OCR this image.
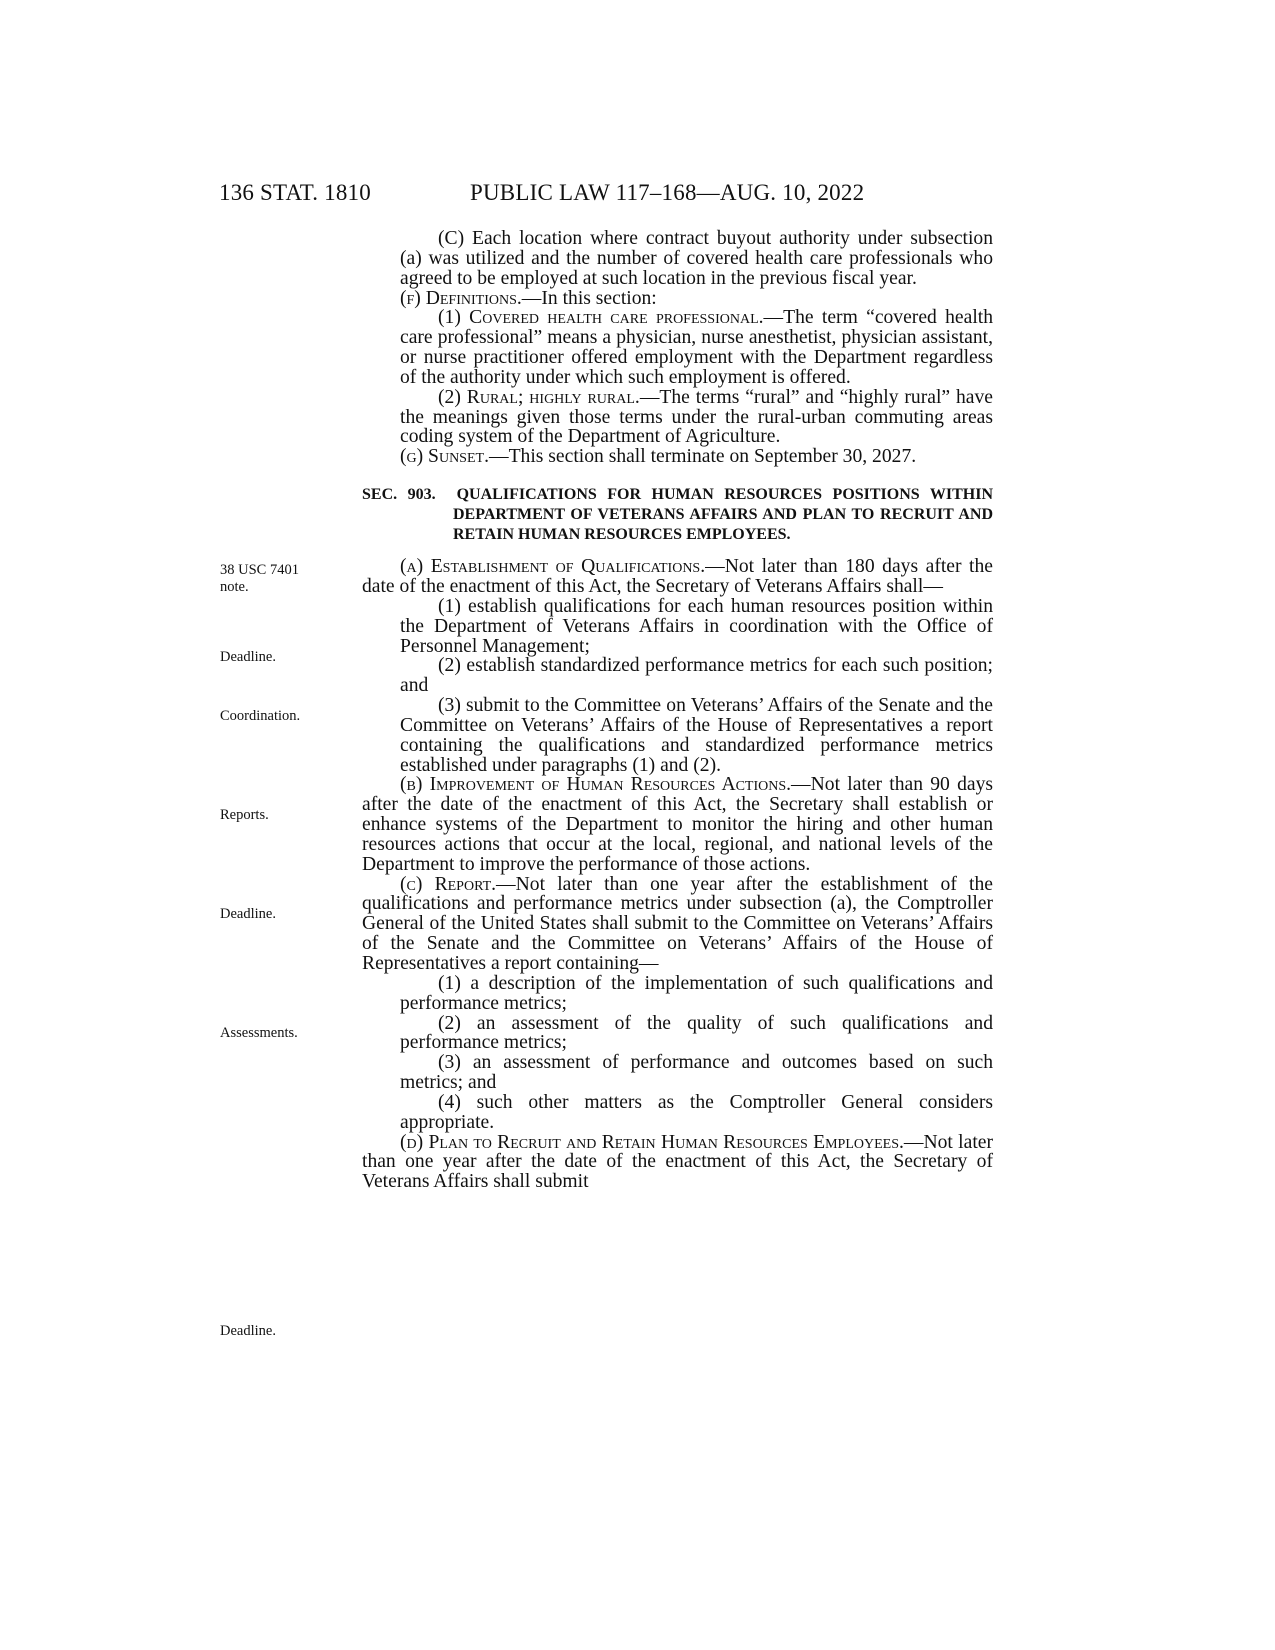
136 STAT. 1810	PUBLIC LAW 117–168—AUG. 10, 2022
38 USC 7401
note.
Deadline.
Coordination.
Reports.
Deadline.
Assessments.
Deadline.

(C) Each location where contract buyout authority under subsection (a) was utilized and the number of covered health care professionals who agreed to be employed at such location in the previous fiscal year.

(f) Definitions.—In this section:

(1) Covered health care professional.—The term “covered health care professional” means a physician, nurse anesthetist, physician assistant, or nurse practitioner offered employment with the Department regardless of the authority under which such employment is offered.

(2) Rural; highly rural.—The terms “rural” and “highly rural” have the meanings given those terms under the rural-urban commuting areas coding system of the Department of Agriculture.

(g) Sunset.—This section shall terminate on September 30, 2027.

SEC. 903. QUALIFICATIONS FOR HUMAN RESOURCES POSITIONS WITHIN DEPARTMENT OF VETERANS AFFAIRS AND PLAN TO RECRUIT AND RETAIN HUMAN RESOURCES EMPLOYEES.

(a) Establishment of Qualifications.—Not later than 180 days after the date of the enactment of this Act, the Secretary of Veterans Affairs shall—

(1) establish qualifications for each human resources position within the Department of Veterans Affairs in coordination with the Office of Personnel Management;

(2) establish standardized performance metrics for each such position; and

(3) submit to the Committee on Veterans’ Affairs of the Senate and the Committee on Veterans’ Affairs of the House of Representatives a report containing the qualifications and standardized performance metrics established under paragraphs (1) and (2).

(b) Improvement of Human Resources Actions.—Not later than 90 days after the date of the enactment of this Act, the Secretary shall establish or enhance systems of the Department to monitor the hiring and other human resources actions that occur at the local, regional, and national levels of the Department to improve the performance of those actions.

(c) Report.—Not later than one year after the establishment of the qualifications and performance metrics under subsection (a), the Comptroller General of the United States shall submit to the Committee on Veterans’ Affairs of the Senate and the Committee on Veterans’ Affairs of the House of Representatives a report containing—

(1) a description of the implementation of such qualifications and performance metrics;

(2) an assessment of the quality of such qualifications and performance metrics;

(3) an assessment of performance and outcomes based on such metrics; and

(4) such other matters as the Comptroller General considers appropriate.

(d) Plan to Recruit and Retain Human Resources Employees.—Not later than one year after the date of the enactment of this Act, the Secretary of Veterans Affairs shall submit
